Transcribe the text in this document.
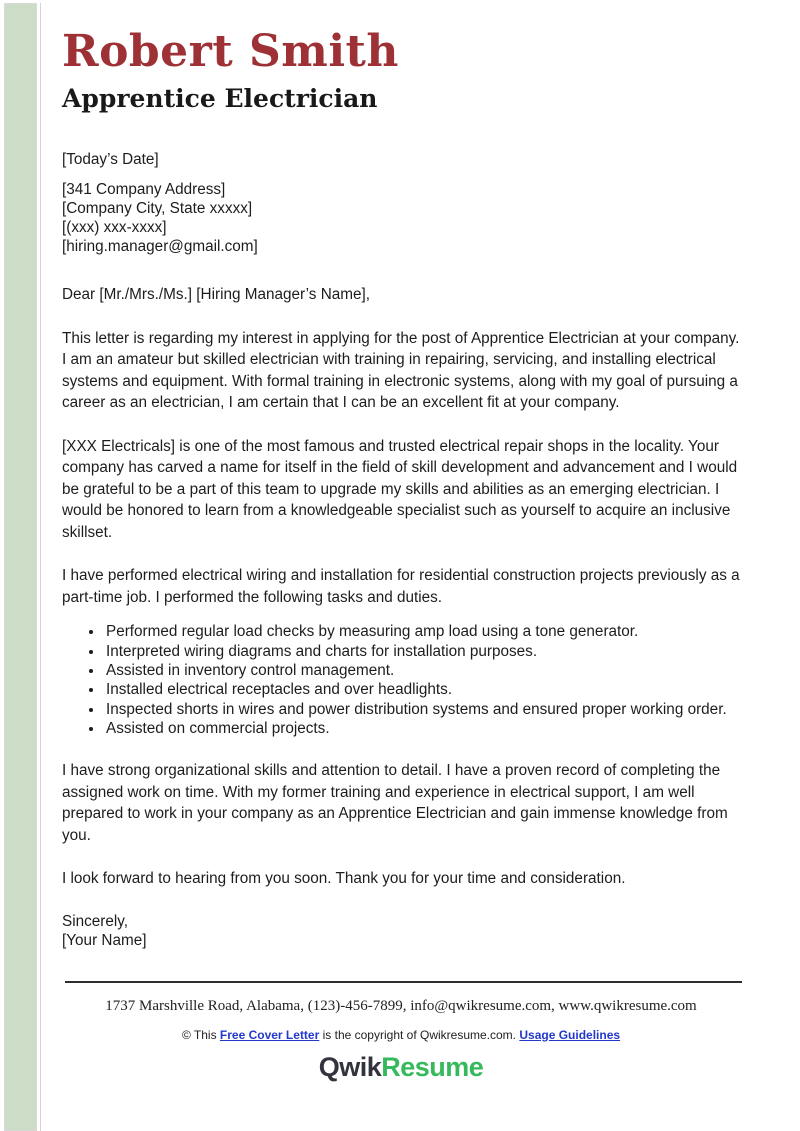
Robert Smith
Apprentice Electrician

[Today’s Date]

[341 Company Address]

[Company City, State xxxxx]

[(xxx) xxx-xxxx]

[hiring.manager@gmail.com]

Dear [Mr./Mrs./Ms.] [Hiring Manager’s Name],

This letter is regarding my interest in applying for the post of Apprentice Electrician at your company. I am an amateur but skilled electrician with training in repairing, servicing, and installing electrical systems and equipment. With formal training in electronic systems, along with my goal of pursuing a career as an electrician, I am certain that I can be an excellent fit at your company.

[XXX Electricals] is one of the most famous and trusted electrical repair shops in the locality. Your company has carved a name for itself in the field of skill development and advancement and I would be grateful to be a part of this team to upgrade my skills and abilities as an emerging electrician. I would be honored to learn from a knowledgeable specialist such as yourself to acquire an inclusive skillset.

I have performed electrical wiring and installation for residential construction projects previously as a part-time job. I performed the following tasks and duties.

• Performed regular load checks by measuring amp load using a tone generator.
• Interpreted wiring diagrams and charts for installation purposes.
• Assisted in inventory control management.
• Installed electrical receptacles and over headlights.
• Inspected shorts in wires and power distribution systems and ensured proper working order.
• Assisted on commercial projects.

I have strong organizational skills and attention to detail. I have a proven record of completing the assigned work on time. With my former training and experience in electrical support, I am well prepared to work in your company as an Apprentice Electrician and gain immense knowledge from you.

I look forward to hearing from you soon. Thank you for your time and consideration.

Sincerely,

[Your Name]

1737 Marshville Road, Alabama, (123)-456-7899, info@qwikresume.com, www.qwikresume.com

© This Free Cover Letter is the copyright of Qwikresume.com. Usage Guidelines

QwikResume
